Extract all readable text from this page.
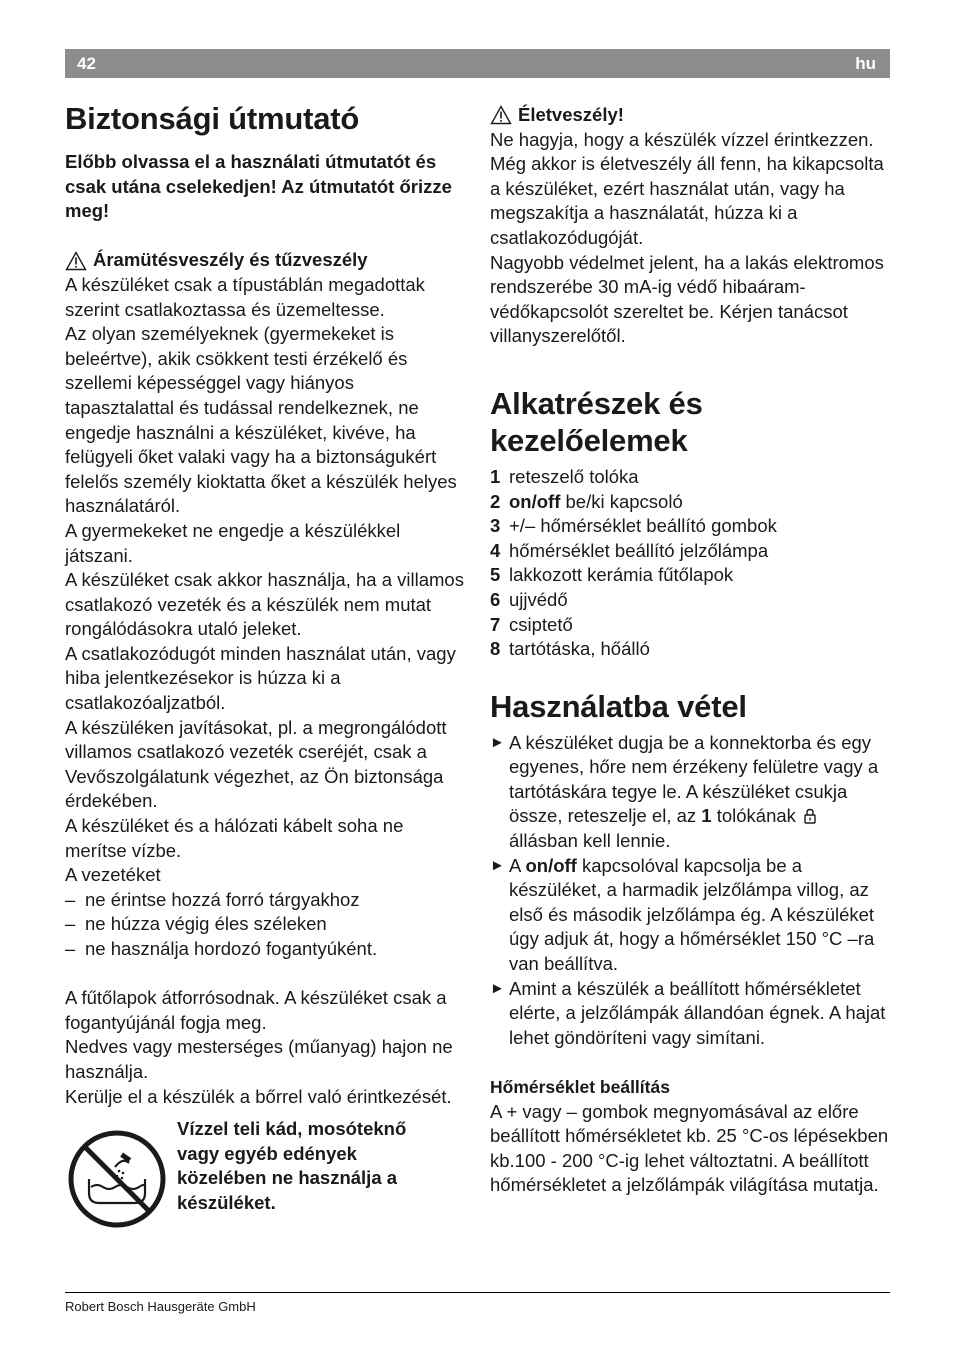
42	hu
Biztonsági útmutató

Előbb olvassa el a használati útmutatót és csak utána cselekedjen! Az útmutatót őrizze meg!

Áramütésveszély és tűzveszély

A készüléket csak a típustáblán megadottak szerint csatlakoztassa és üzemeltesse.

Az olyan személyeknek (gyermekeket is beleértve), akik csökkent testi érzékelő és szellemi képességgel vagy hiányos tapasztalattal és tudással rendelkeznek, ne engedje használni a készüléket, kivéve, ha felügyeli őket valaki vagy ha a biztonságukért felelős személy kioktatta őket a készülék helyes használatáról.

A gyermekeket ne engedje a készülékkel játszani.

A készüléket csak akkor használja, ha a villamos csatlakozó vezeték és a készülék nem mutat rongálódásokra utaló jeleket.

A csatlakozódugót minden használat után, vagy hiba jelentkezésekor is húzza ki a csatlakozóaljzatból.

A készüléken javításokat, pl. a megrongálódott villamos csatlakozó vezeték cseréjét, csak a Vevőszolgálatunk végezhet, az Ön biztonsága érdekében.

A készüléket és a hálózati kábelt soha ne merítse vízbe.

A vezetéket

– ne érintse hozzá forró tárgyakhoz
– ne húzza végig éles széleken
– ne használja hordozó fogantyúként.

A fűtőlapok átforrósodnak. A készüléket csak a fogantyújánál fogja meg.

Nedves vagy mesterséges (műanyag) hajon ne használja.

Kerülje el a készülék a bőrrel való érintkezését.

Vízzel teli kád, mosóteknő vagy egyéb edények közelében ne használja a készüléket.
Életveszély!

Ne hagyja, hogy a készülék vízzel érintkezzen. Még akkor is életveszély áll fenn, ha kikapcsolta a készüléket, ezért használat után, vagy ha megszakítja a használatát, húzza ki a csatlakozódugóját.

Nagyobb védelmet jelent, ha a lakás elektromos rendszerébe 30 mA-ig védő hibaáram-védőkapcsolót szereltet be. Kérjen tanácsot villanyszerelőtől.

Alkatrészek és kezelőelemek
1 reteszelő tolóka
2 on/off be/ki kapcsoló
3 +/– hőmérséklet beállító gombok
4 hőmérséklet beállító jelzőlámpa
5 lakkozott kerámia fűtőlapok
6 ujjvédő
7 csiptető
8 tartótáska, hőálló
Használatba vétel
► A készüléket dugja be a konnektorba és egy egyenes, hőre nem érzékeny felületre vagy a tartótáskára tegye le. A készüléket csukja össze, reteszelje el, az 1 tolókának  állásban kell lennie.
► A on/off kapcsolóval kapcsolja be a készüléket, a harmadik jelzőlámpa villog, az első és második jelzőlámpa ég. A készüléket úgy adjuk át, hogy a hőmérséklet 150 °C –ra van beállítva.
► Amint a készülék a beállított hőmérsékletet elérte, a jelzőlámpák állandóan égnek. A hajat lehet göndöríteni vagy simítani.

Hőmérséklet beállítás

A + vagy – gombok megnyomásával az előre beállított hőmérsékletet kb. 25 °C-os lépésekben kb.100 - 200 °C-ig lehet változtatni. A beállított hőmérsékletet a jelzőlámpák világítása mutatja.

Robert Bosch Hausgeräte GmbH
